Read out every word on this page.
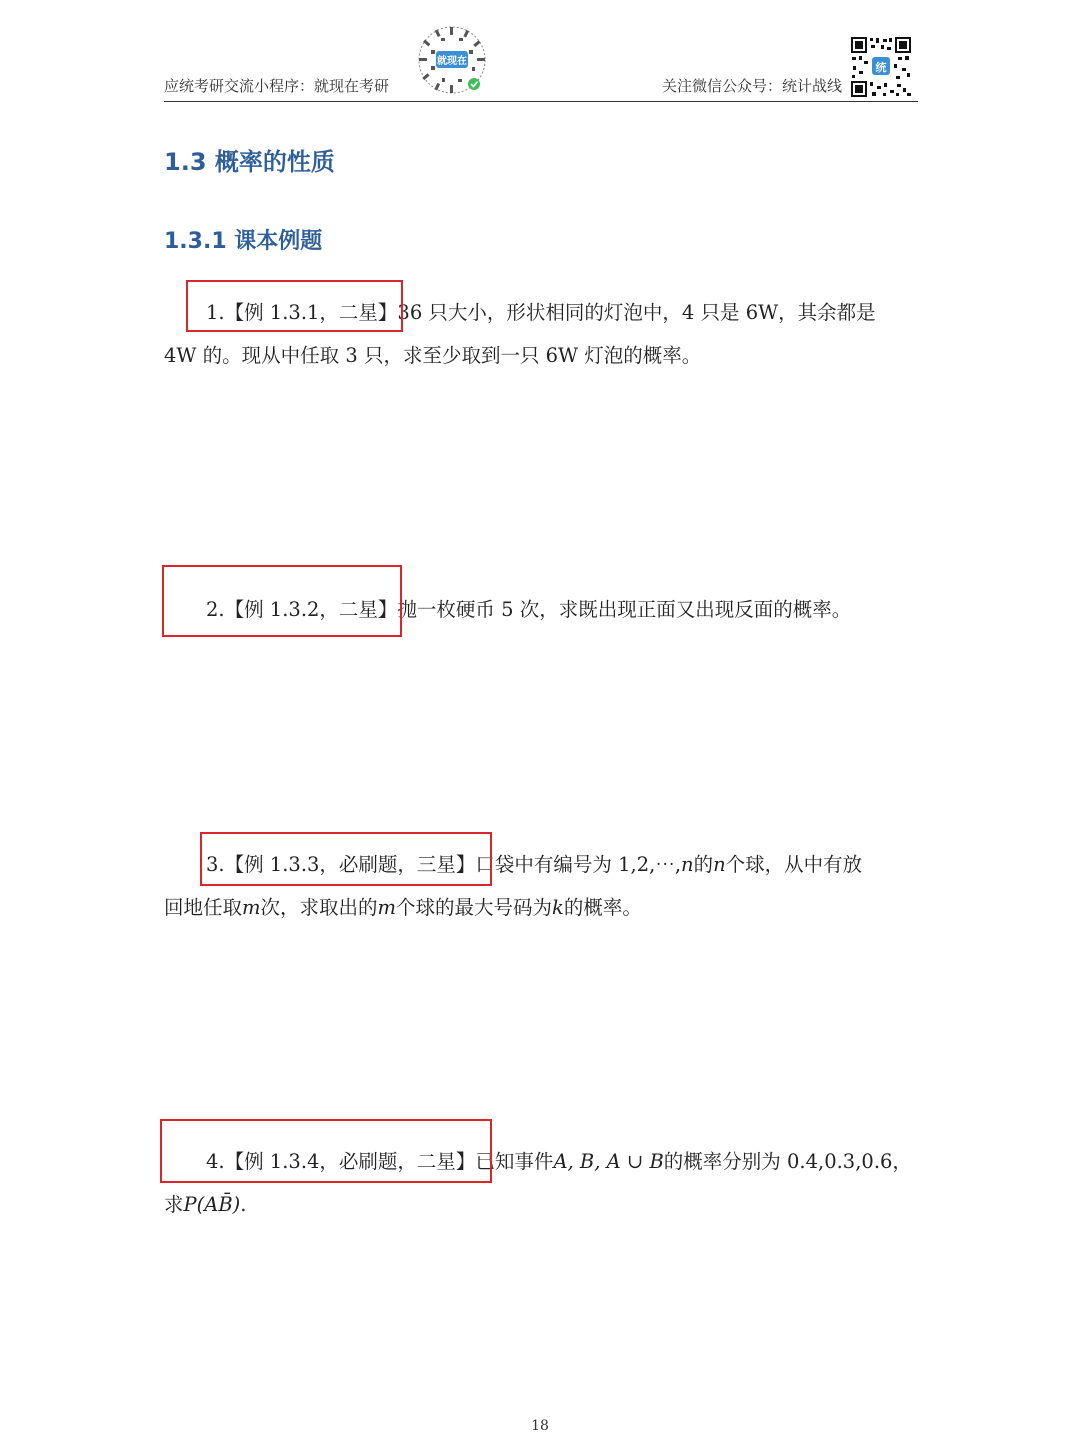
应统考研交流小程序：就现在考研
就现在
关注微信公众号：统计战线
统
1.3 概率的性质
1.3.1 课本例题
1.【例 1.3.1，二星】36 只大小，形状相同的灯泡中，4 只是 6W，其余都是
4W 的。现从中任取 3 只，求至少取到一只 6W 灯泡的概率。
2.【例 1.3.2，二星】抛一枚硬币 5 次，求既出现正面又出现反面的概率。
3.【例 1.3.3，必刷题，三星】口袋中有编号为 1,2,⋯,n的n个球，从中有放
回地任取m次，求取出的m个球的最大号码为k的概率。
4.【例 1.3.4，必刷题，二星】已知事件A, B, A ∪ B的概率分别为 0.4,0.3,0.6，
求P(AB̄).
18
